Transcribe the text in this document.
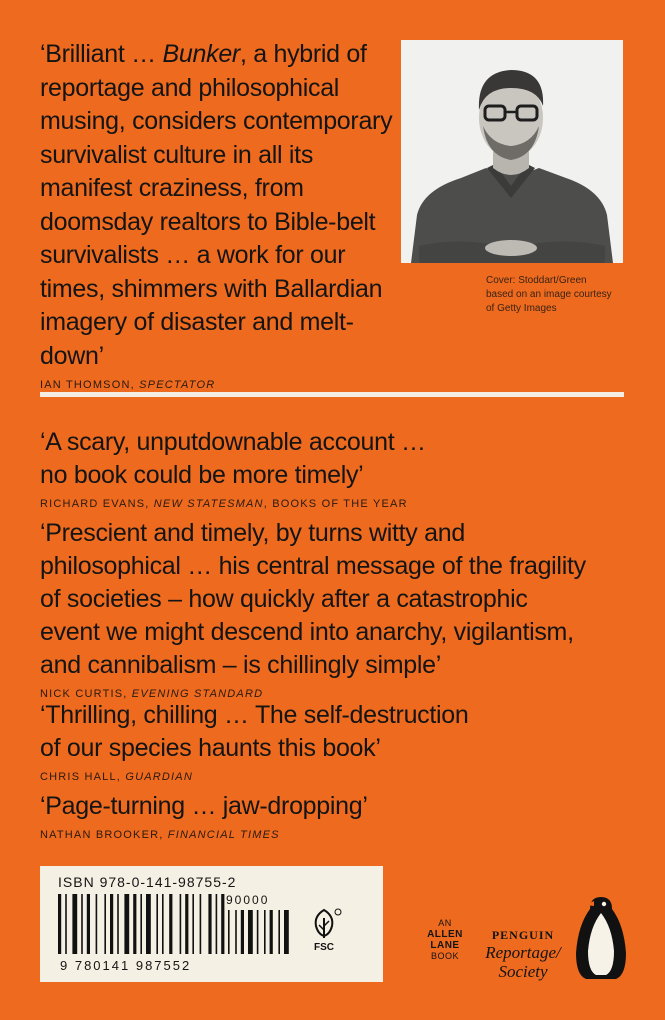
‘Brilliant … Bunker, a hybrid of
reportage and philosophical
musing, considers contemporary
survivalist culture in all its
manifest craziness, from
doomsday realtors to Bible-belt
survivalists … a work for our
times, shimmers with Ballardian
imagery of disaster and melt-down’

IAN THOMSON, SPECTATOR
Cover: Stoddart/Green
based on an image courtesy
of Getty Images

‘A scary, unputdownable account …
no book could be more timely’

RICHARD EVANS, NEW STATESMAN, BOOKS OF THE YEAR

‘Prescient and timely, by turns witty and
philosophical … his central message of the fragility
of societies – how quickly after a catastrophic
event we might descend into anarchy, vigilantism,
and cannibalism – is chillingly simple’

NICK CURTIS, EVENING STANDARD

‘Thrilling, chilling … The self-destruction
of our species haunts this book’

CHRIS HALL, GUARDIAN

‘Page-turning … jaw-dropping’

NATHAN BROOKER, FINANCIAL TIMES
ISBN 978-0-141-98755-2
9 780141 987552
90000
FSC
AN
ALLEN
LANE
BOOK
PENGUIN
Reportage/
Society
